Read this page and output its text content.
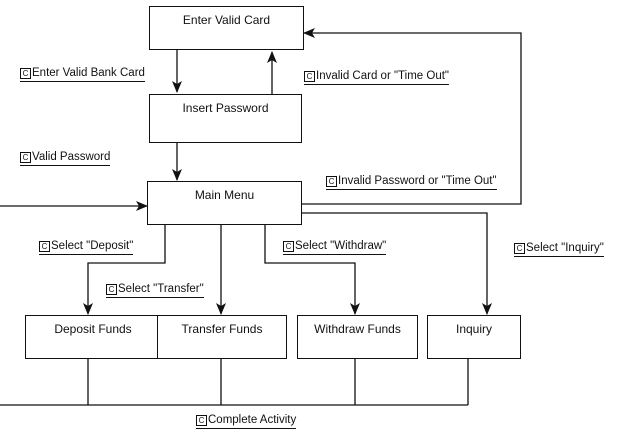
Enter Valid Card
Insert Password
Main Menu
Deposit Funds	Transfer Funds	Withdraw Funds	Inquiry
C Enter Valid Bank Card	C Invalid Card or "Time Out"
C Valid Password
C Invalid Password or "Time Out"
C Select "Deposit"	C Select "Withdraw"	C Select "Inquiry"
C Select "Transfer"
C Complete Activity
